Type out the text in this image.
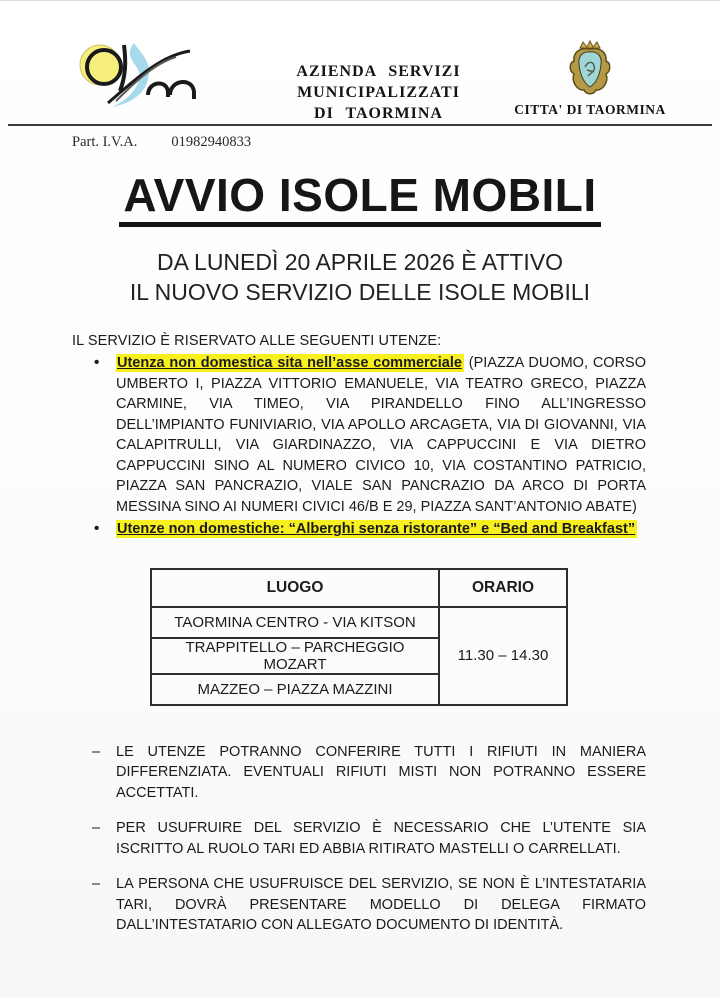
AZIENDA SERVIZI MUNICIPALIZZATI
DI TAORMINA	CITTA' DI TAORMINA
Part. I.V.A. 01982940833
AVVIO ISOLE MOBILI
DA LUNEDÌ 20 APRILE 2026 È ATTIVO
IL NUOVO SERVIZIO DELLE ISOLE MOBILI
IL SERVIZIO È RISERVATO ALLE SEGUENTI UTENZE:
• Utenza non domestica sita nell’asse commerciale (PIAZZA DUOMO, CORSO UMBERTO I, PIAZZA VITTORIO EMANUELE, VIA TEATRO GRECO, PIAZZA CARMINE, VIA TIMEO, VIA PIRANDELLO FINO ALL’INGRESSO DELL’IMPIANTO FUNIVIARIO, VIA APOLLO ARCAGETA, VIA DI GIOVANNI, VIA CALAPITRULLI, VIA GIARDINAZZO, VIA CAPPUCCINI E VIA DIETRO CAPPUCCINI SINO AL NUMERO CIVICO 10, VIA COSTANTINO PATRICIO, PIAZZA SAN PANCRAZIO, VIALE SAN PANCRAZIO DA ARCO DI PORTA MESSINA SINO AI NUMERI CIVICI 46/B E 29, PIAZZA SANT’ANTONIO ABATE)
• Utenze non domestiche: “Alberghi senza ristorante” e “Bed and Breakfast”
LUOGO	ORARIO
TAORMINA CENTRO - VIA KITSON	11.30 – 14.30
TRAPPITELLO – PARCHEGGIO MOZART	
MAZZEO – PIAZZA MAZZINI	
– LE UTENZE POTRANNO CONFERIRE TUTTI I RIFIUTI IN MANIERA DIFFERENZIATA. EVENTUALI RIFIUTI MISTI NON POTRANNO ESSERE ACCETTATI.
– PER USUFRUIRE DEL SERVIZIO È NECESSARIO CHE L’UTENTE SIA ISCRITTO AL RUOLO TARI ED ABBIA RITIRATO MASTELLI O CARRELLATI.
– LA PERSONA CHE USUFRUISCE DEL SERVIZIO, SE NON È L’INTESTATARIA TARI, DOVRÀ PRESENTARE MODELLO DI DELEGA FIRMATO DALL’INTESTATARIO CON ALLEGATO DOCUMENTO DI IDENTITÀ.
